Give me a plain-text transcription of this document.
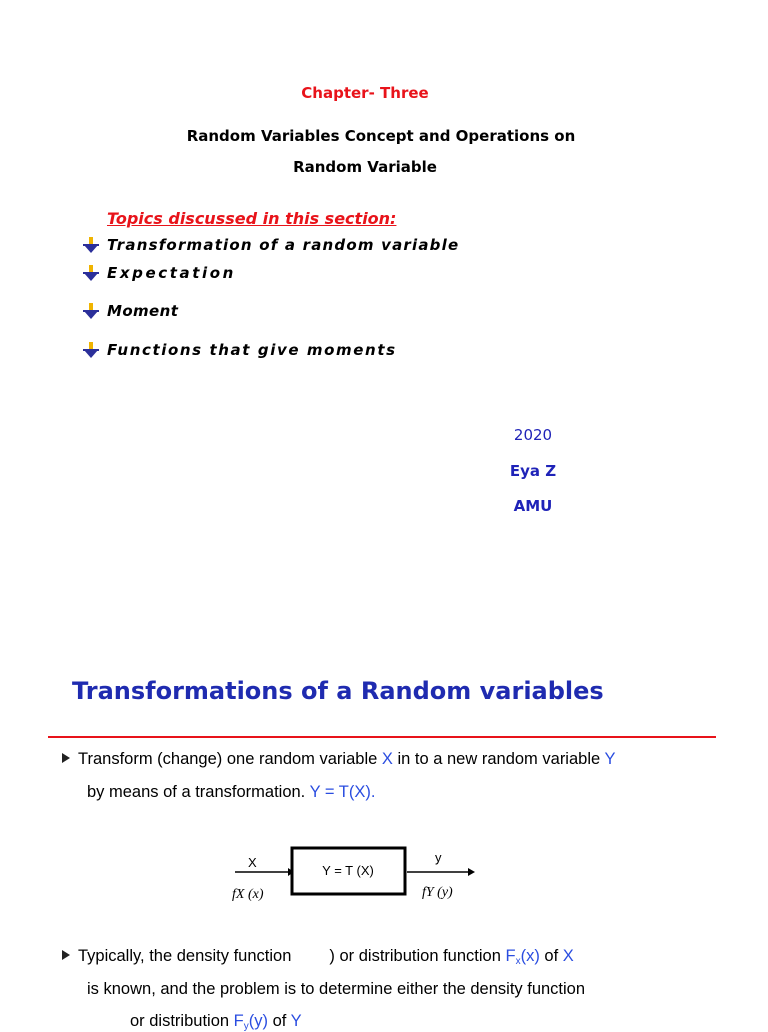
Chapter- Three
Random Variables Concept and Operations on
Random Variable
Topics discussed in this section:
Transformation of a random variable
Expectation
Moment
Functions that give moments
2020
Eya Z
AMU
Transformations of a Random variables
Transform (change) one random variable X in to a new random variable Y
by means of a transformation. Y = T(X).
X
Y = T (X)
y
fX (x)	fY (y)
Typically, the density function ) or distribution function $F_x(x)$ of X
is known, and the problem is to determine either the density function
or distribution $F_y(y)$ of Y
